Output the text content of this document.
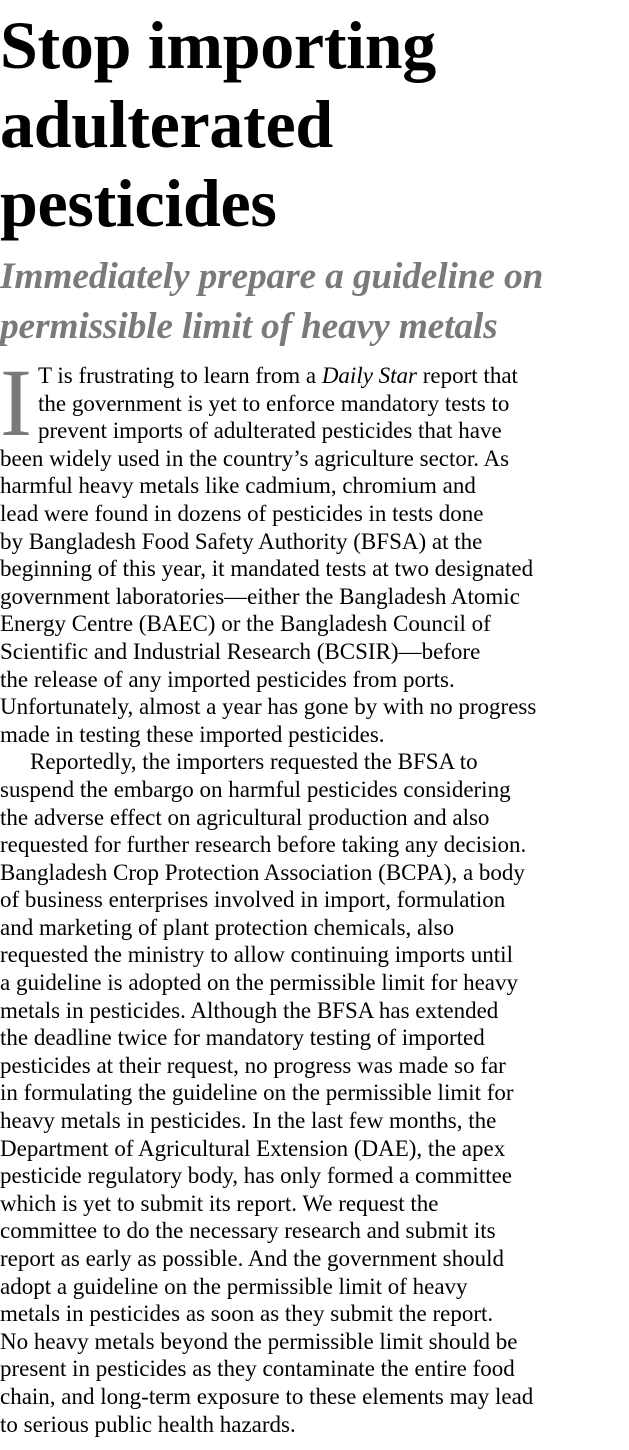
Stop importing
adulterated
pesticides
Immediately prepare a guideline on
permissible limit of heavy metals
I T is frustrating to learn from a Daily Star report that
the government is yet to enforce mandatory tests to
prevent imports of adulterated pesticides that have
been widely used in the country’s agriculture sector. As
harmful heavy metals like cadmium, chromium and
lead were found in dozens of pesticides in tests done
by Bangladesh Food Safety Authority (BFSA) at the
beginning of this year, it mandated tests at two designated
government laboratories—either the Bangladesh Atomic
Energy Centre (BAEC) or the Bangladesh Council of
Scientific and Industrial Research (BCSIR)—before
the release of any imported pesticides from ports.
Unfortunately, almost a year has gone by with no progress
made in testing these imported pesticides.
Reportedly, the importers requested the BFSA to
suspend the embargo on harmful pesticides considering
the adverse effect on agricultural production and also
requested for further research before taking any decision.
Bangladesh Crop Protection Association (BCPA), a body
of business enterprises involved in import, formulation
and marketing of plant protection chemicals, also
requested the ministry to allow continuing imports until
a guideline is adopted on the permissible limit for heavy
metals in pesticides. Although the BFSA has extended
the deadline twice for mandatory testing of imported
pesticides at their request, no progress was made so far
in formulating the guideline on the permissible limit for
heavy metals in pesticides. In the last few months, the
Department of Agricultural Extension (DAE), the apex
pesticide regulatory body, has only formed a committee
which is yet to submit its report. We request the
committee to do the necessary research and submit its
report as early as possible. And the government should
adopt a guideline on the permissible limit of heavy
metals in pesticides as soon as they submit the report.
No heavy metals beyond the permissible limit should be
present in pesticides as they contaminate the entire food
chain, and long-term exposure to these elements may lead
to serious public health hazards.
